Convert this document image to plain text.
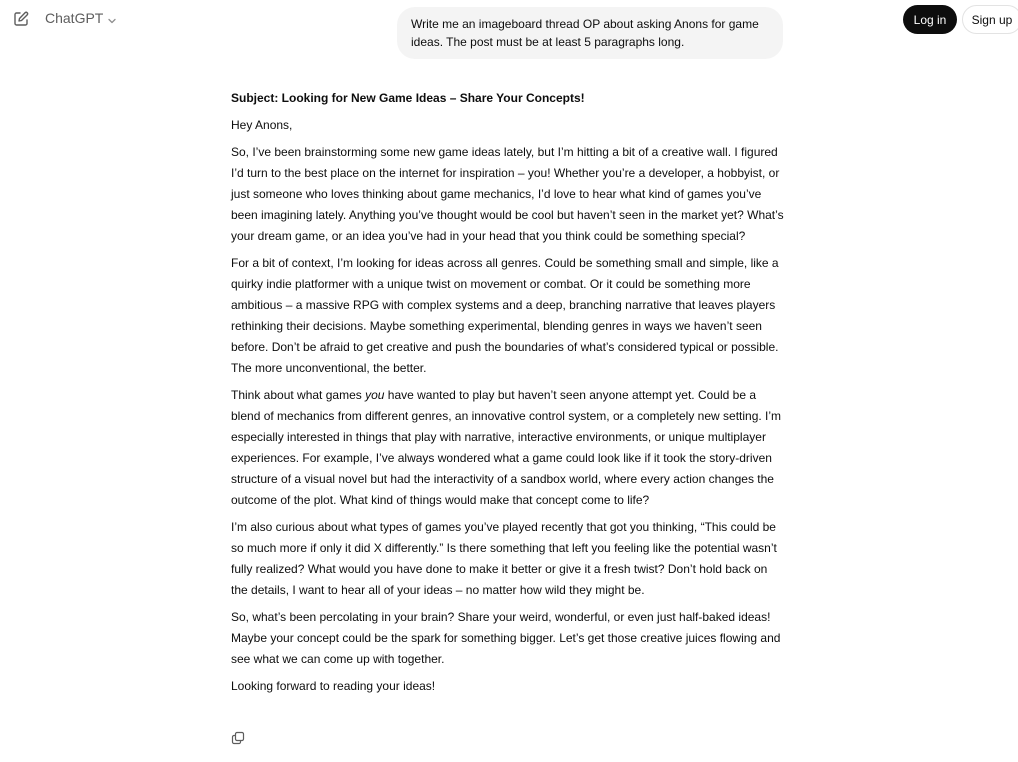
ChatGPT	Log in	Sign up
Write me an imageboard thread OP about asking Anons for game ideas. The post must be at least 5 paragraphs long.

Subject: Looking for New Game Ideas – Share Your Concepts!

Hey Anons,

So, I’ve been brainstorming some new game ideas lately, but I’m hitting a bit of a creative wall. I figured I’d turn to the best place on the internet for inspiration – you! Whether you’re a developer, a hobbyist, or just someone who loves thinking about game mechanics, I’d love to hear what kind of games you’ve been imagining lately. Anything you’ve thought would be cool but haven’t seen in the market yet? What’s your dream game, or an idea you’ve had in your head that you think could be something special?

For a bit of context, I’m looking for ideas across all genres. Could be something small and simple, like a quirky indie platformer with a unique twist on movement or combat. Or it could be something more ambitious – a massive RPG with complex systems and a deep, branching narrative that leaves players rethinking their decisions. Maybe something experimental, blending genres in ways we haven’t seen before. Don’t be afraid to get creative and push the boundaries of what’s considered typical or possible. The more unconventional, the better.

Think about what games you have wanted to play but haven’t seen anyone attempt yet. Could be a blend of mechanics from different genres, an innovative control system, or a completely new setting. I’m especially interested in things that play with narrative, interactive environments, or unique multiplayer experiences. For example, I’ve always wondered what a game could look like if it took the story-driven structure of a visual novel but had the interactivity of a sandbox world, where every action changes the outcome of the plot. What kind of things would make that concept come to life?

I’m also curious about what types of games you’ve played recently that got you thinking, “This could be so much more if only it did X differently.” Is there something that left you feeling like the potential wasn’t fully realized? What would you have done to make it better or give it a fresh twist? Don’t hold back on the details, I want to hear all of your ideas – no matter how wild they might be.

So, what’s been percolating in your brain? Share your weird, wonderful, or even just half-baked ideas! Maybe your concept could be the spark for something bigger. Let’s get those creative juices flowing and see what we can come up with together.

Looking forward to reading your ideas!
